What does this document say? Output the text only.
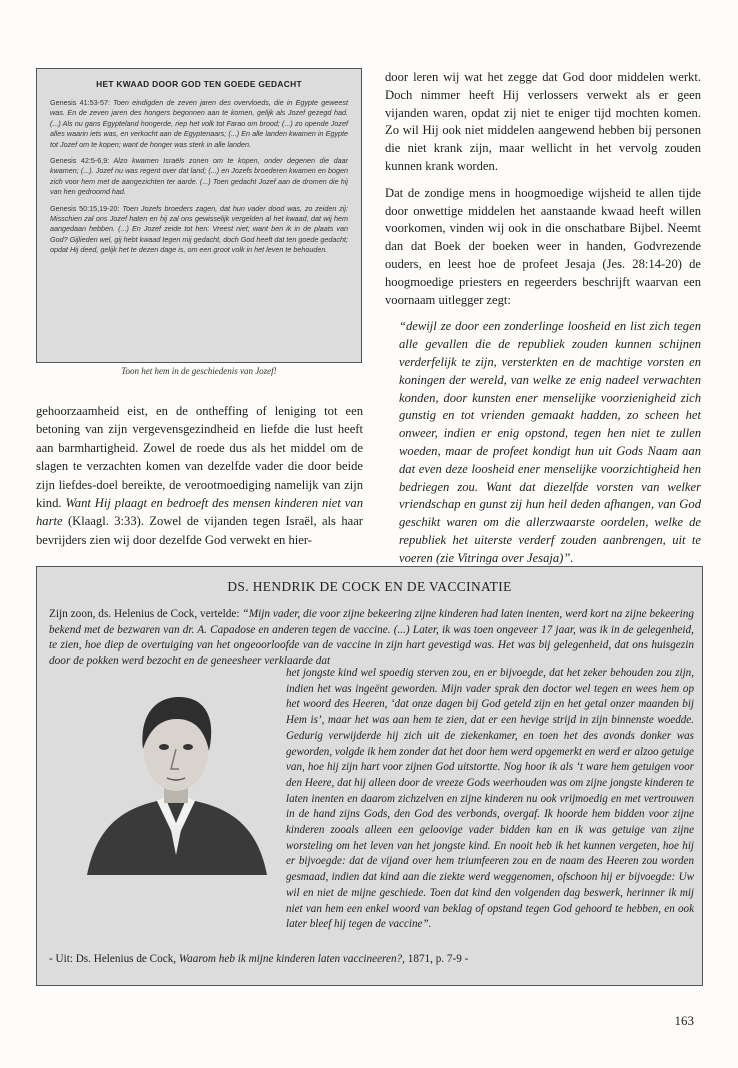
HET KWAAD DOOR GOD TEN GOEDE GEDACHT

Genesis 41:53-57: Toen eindigden de zeven jaren des overvloeds, die in Egypte geweest was. En de zeven jaren des hongers begonnen aan te komen, gelijk als Jozef gezegd had. (...) Als nu gans Egypteland hongerde, riep het volk tot Farao om brood; (...) zo opende Jozef alles waarin iets was, en verkocht aan de Egyptenaars; (...) En alle landen kwamen in Egypte tot Jozef om te kopen; want de honger was sterk in alle landen.

Genesis 42:5-6,9: Alzo kwamen Israëls zonen om te kopen, onder degenen die daar kwamen; (...). Jozef nu was regent over dat land; (...) en Jozefs broederen kwamen en bogen zich voor hem met de aangezichten ter aarde. (...) Toen gedacht Jozef aan de dromen die hij van hen gedroomd had.

Genesis 50:15,19-20: Toen Jozefs broeders zagen, dat hun vader dood was, zo zeiden zij: Misschien zal ons Jozef haten en hij zal ons gewisselijk vergelden al het kwaad, dat wij hem aangedaan hebben. (...) En Jozef zeide tot hen: Vreest niet; want ben ik in de plaats van God? Gijlieden wel, gij hebt kwaad tegen mij gedacht, doch God heeft dat ten goede gedacht; opdat Hij deed, gelijk het te dezen dage is, om een groot volk in het leven te behouden.

Toon het hem in de geschiedenis van Jozef!
gehoorzaamheid eist, en de ontheffing of leniging tot een betoning van zijn vergevensgezindheid en liefde die lust heeft aan barmhartigheid. Zowel de roede dus als het middel om de slagen te verzachten komen van dezelfde vader die door beide zijn liefdes-doel bereikte, de verootmoediging namelijk van zijn kind. Want Hij plaagt en bedroeft des mensen kinderen niet van harte (Klaagl. 3:33). Zowel de vijanden tegen Israël, als haar bevrijders zien wij door dezelfde God verwekt en hier-

door leren wij wat het zegge dat God door middelen werkt. Doch nimmer heeft Hij verlossers verwekt als er geen vijanden waren, opdat zij niet te eniger tijd mochten komen. Zo wil Hij ook niet middelen aangewend hebben bij personen die niet krank zijn, maar wellicht in het vervolg zouden kunnen krank worden.

Dat de zondige mens in hoogmoedige wijsheid te allen tijde door onwettige middelen het aanstaande kwaad heeft willen voorkomen, vinden wij ook in die onschatbare Bijbel. Neemt dan dat Boek der boeken weer in handen, Godvrezende ouders, en leest hoe de profeet Jesaja (Jes. 28:14-20) de hoogmoedige priesters en regeerders beschrijft waarvan een voornaam uitlegger zegt:

“dewijl ze door een zonderlinge loosheid en list zich tegen alle gevallen die de republiek zouden kunnen schijnen verderfelijk te zijn, versterkten en de machtige vorsten en koningen der wereld, van welke ze enig nadeel verwachten konden, door kunsten ener menselijke voorzienigheid zich gunstig en tot vrienden gemaakt hadden, zo scheen het onweer, indien er enig opstond, tegen hen niet te zullen woeden, maar de profeet kondigt hun uit Gods Naam aan dat even deze loosheid ener menselijke voorzichtigheid hen bedriegen zou. Want dat diezelfde vorsten van welker vriendschap en gunst zij hun heil deden afhangen, van God geschikt waren om die allerzwaarste oordelen, welke de republiek het uiterste verderf zouden aanbrengen, uit te voeren (zie Vitringa over Jesaja)”.

DS. HENDRIK DE COCK EN DE VACCINATIE
Zijn zoon, ds. Helenius de Cock, vertelde: “Mijn vader, die voor zijne bekeering zijne kinderen had laten inenten, werd kort na zijne bekeering bekend met de bezwaren van dr. A. Capadose en anderen tegen de vaccine. (...) Later, ik was toen ongeveer 17 jaar, was ik in de gelegenheid, te zien, hoe diep de overtuiging van het ongeoorloofde van de vaccine in zijn hart gevestigd was. Het was bij gelegenheid, dat ons huisgezin door de pokken werd bezocht en de geneesheer verklaarde dat
het jongste kind wel spoedig sterven zou, en er bijvoegde, dat het zeker behouden zou zijn, indien het was ingeënt geworden. Mijn vader sprak den doctor wel tegen en wees hem op het woord des Heeren, ‘dat onze dagen bij God geteld zijn en het getal onzer maanden bij Hem is’, maar het was aan hem te zien, dat er een hevige strijd in zijn binnenste woedde. Gedurig verwijderde hij zich uit de ziekenkamer, en toen het des avonds donker was geworden, volgde ik hem zonder dat het door hem werd opgemerkt en werd er alzoo getuige van, hoe hij zijn hart voor zijnen God uitstortte. Nog hoor ik als ‘t ware hem getuigen voor den Heere, dat hij alleen door de vreeze Gods weerhouden was om zijne jongste kinderen te laten inenten en daarom zichzelven en zijne kinderen nu ook vrijmoedig en met vertrouwen in de hand zijns Gods, den God des verbonds, overgaf. Ik hoorde hem bidden voor zijne kinderen zooals alleen een geloovige vader bidden kan en ik was getuige van zijne worsteling om het leven van het jongste kind. En nooit heb ik het kunnen vergeten, hoe hij er bijvoegde: dat de vijand over hem triumfeeren zou en de naam des Heeren zou worden gesmaad, indien dat kind aan die ziekte werd weggenomen, ofschoon hij er bijvoegde: Uw wil en niet de mijne geschiede. Toen dat kind den volgenden dag beswerk, herinner ik mij niet van hem een enkel woord van beklag of opstand tegen God gehoord te hebben, en ook later bleef hij tegen de vaccine”.
- Uit: Ds. Helenius de Cock, Waarom heb ik mijne kinderen laten vaccineeren?, 1871, p. 7-9 -
163
